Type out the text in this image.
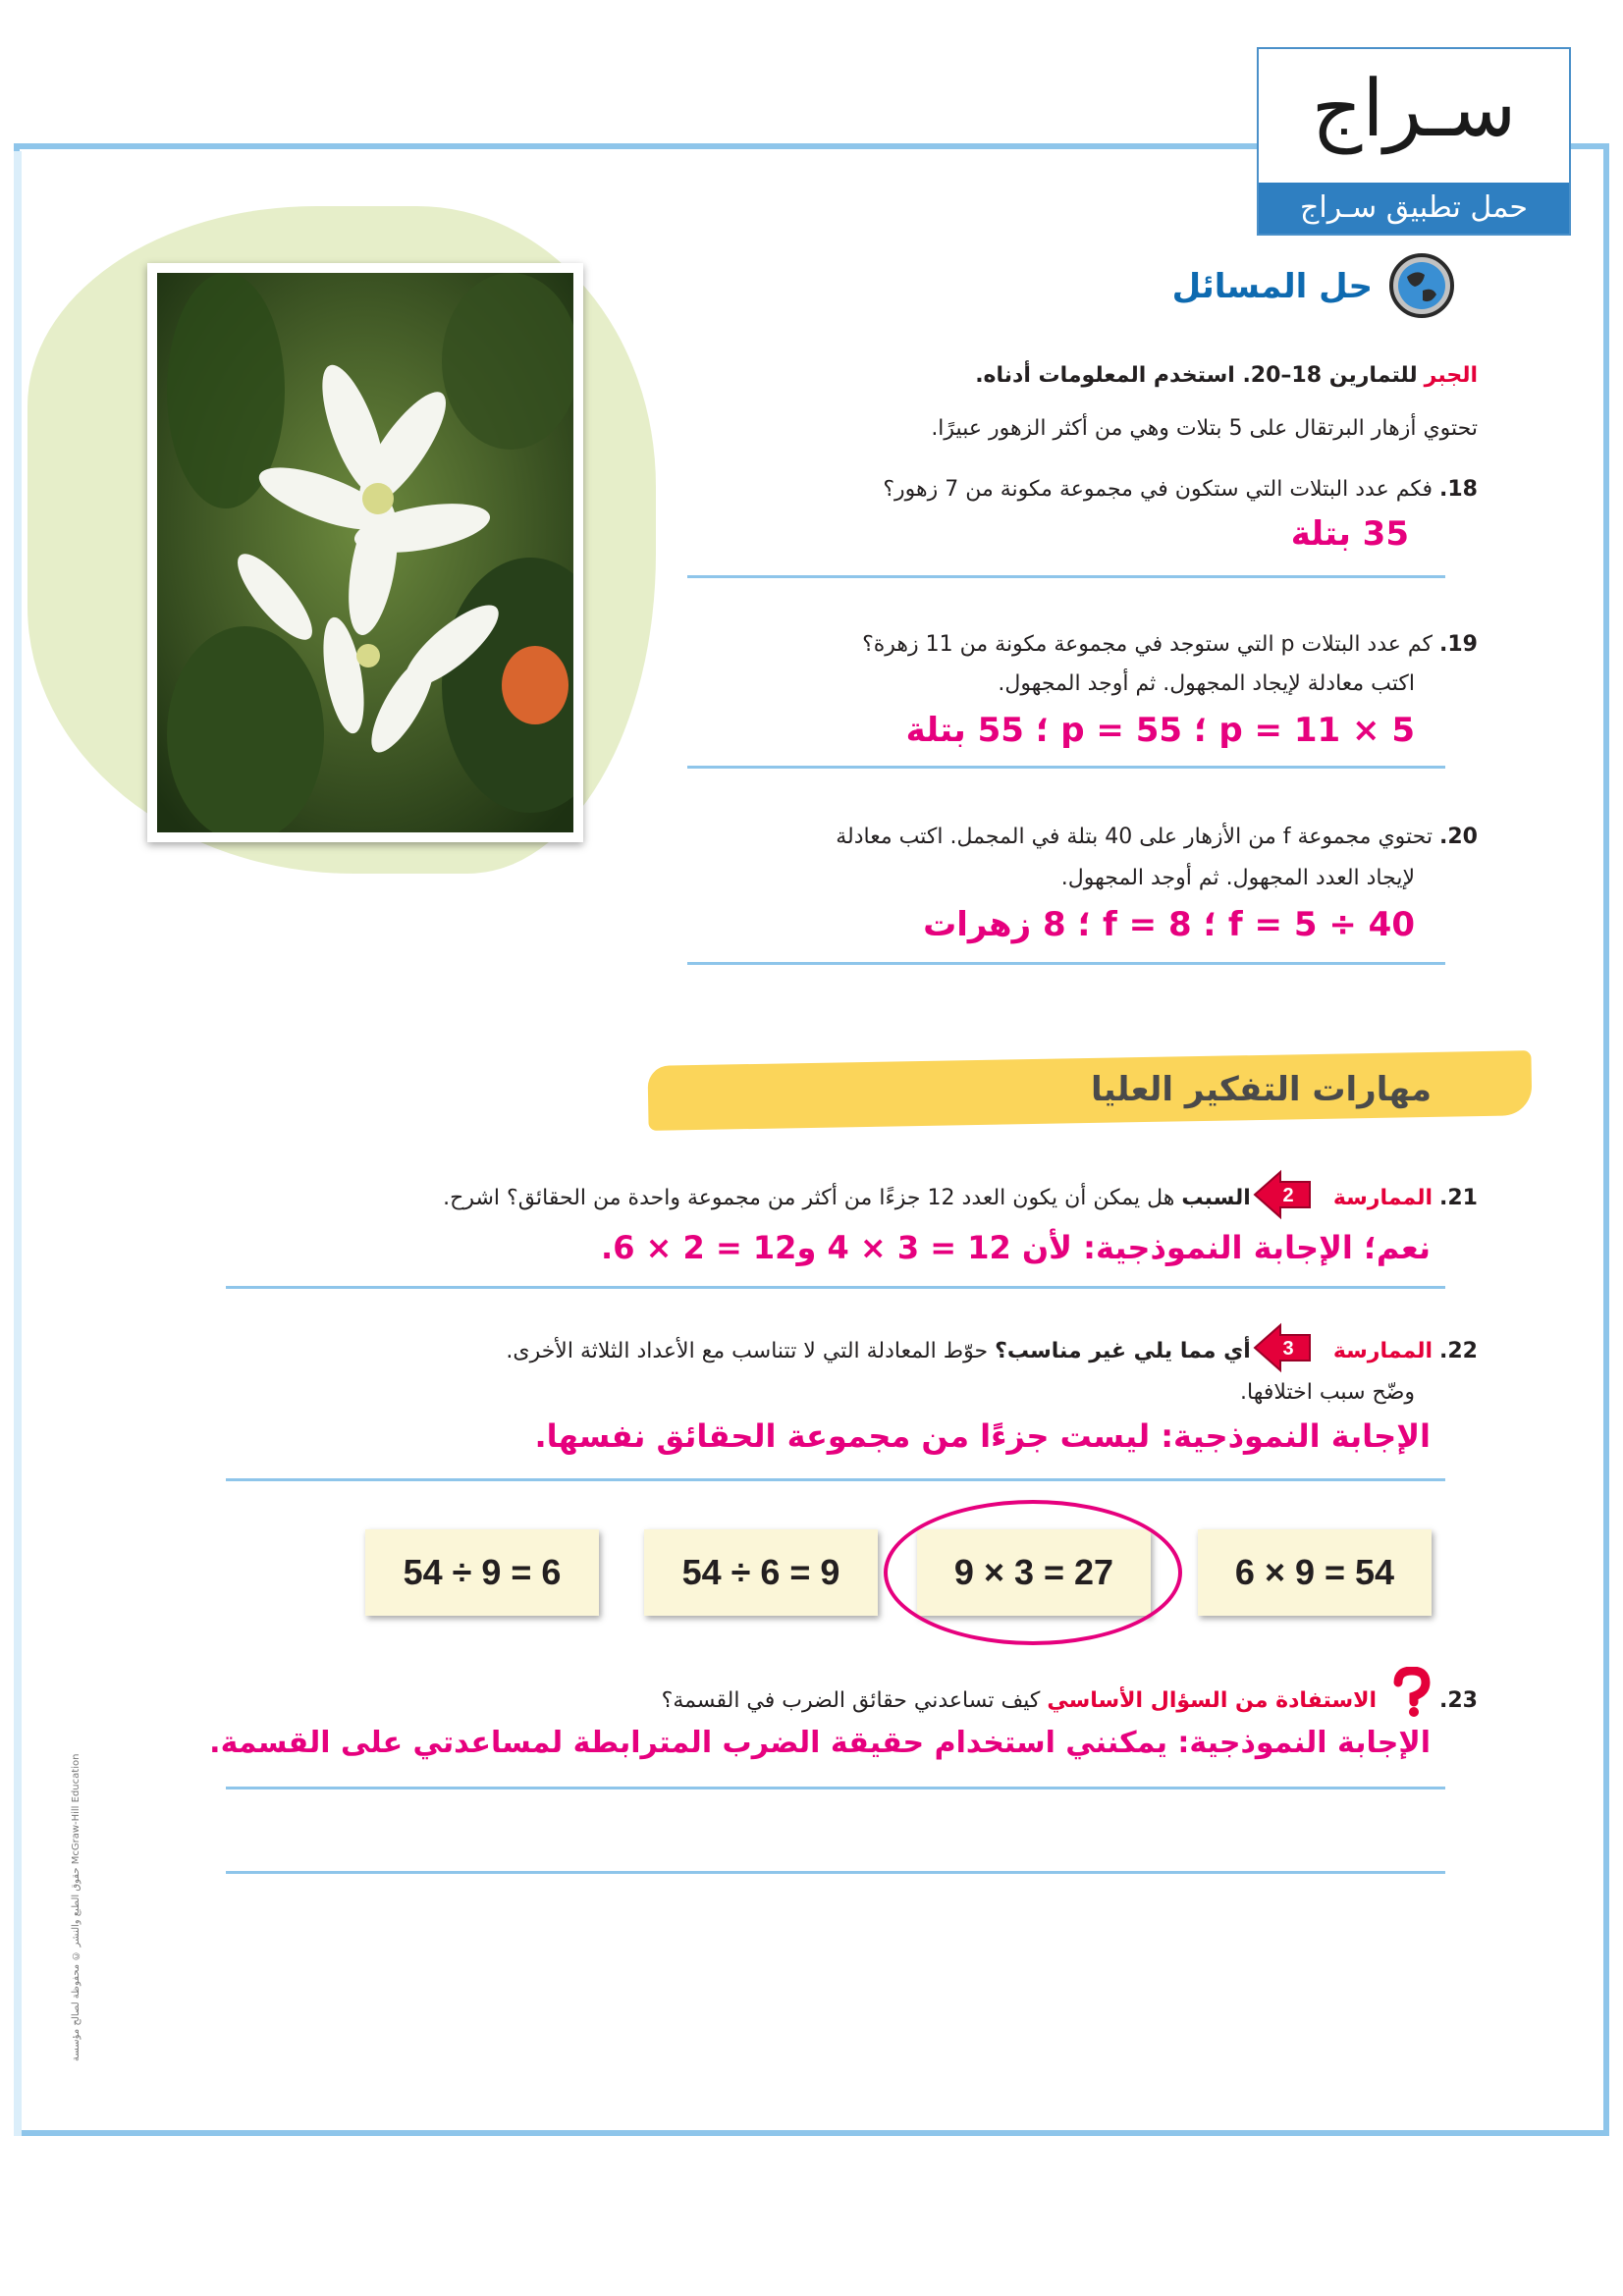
سـراج
حمل تطبيق سـراج
حل المسائل
الجبر للتمارين 18–20. استخدم المعلومات أدناه.
تحتوي أزهار البرتقال على 5 بتلات وهي من أكثر الزهور عبيرًا.
18. فكم عدد البتلات التي ستكون في مجموعة مكونة من 7 زهور؟
35 بتلة
19. كم عدد البتلات p التي ستوجد في مجموعة مكونة من 11 زهرة؟
اكتب معادلة لإيجاد المجهول. ثم أوجد المجهول.
p = 11 × 5 ؛ p = 55 ؛ 55 بتلة
20. تحتوي مجموعة f من الأزهار على 40 بتلة في المجمل. اكتب معادلة
لإيجاد العدد المجهول. ثم أوجد المجهول.
f = 5 ÷ 40 ؛ 8 = f ؛ 8 زهرات
مهارات التفكير العليا
21. الممارسة  السبب هل يمكن أن يكون العدد 12 جزءًا من أكثر من مجموعة واحدة من الحقائق؟ اشرح.	2
نعم؛ الإجابة النموذجية: لأن 12 = 3 × 4 و12 = 2 × 6.
22. الممارسة  أي مما يلي غير مناسب؟ حوّط المعادلة التي لا تتناسب مع الأعداد الثلاثة الأخرى.	3
وضّح سبب اختلافها.
الإجابة النموذجية: ليست جزءًا من مجموعة الحقائق نفسها.
54 ÷ 9 = 6	54 ÷ 6 = 9	9 × 3 = 27	6 × 9 = 54
23.  الاستفادة من السؤال الأساسي كيف تساعدني حقائق الضرب في القسمة؟
الإجابة النموذجية: يمكنني استخدام حقيقة الضرب المترابطة لمساعدتي على القسمة.
حقوق الطبع والنشر © محفوظة لصالح مؤسسة McGraw-Hill Education
